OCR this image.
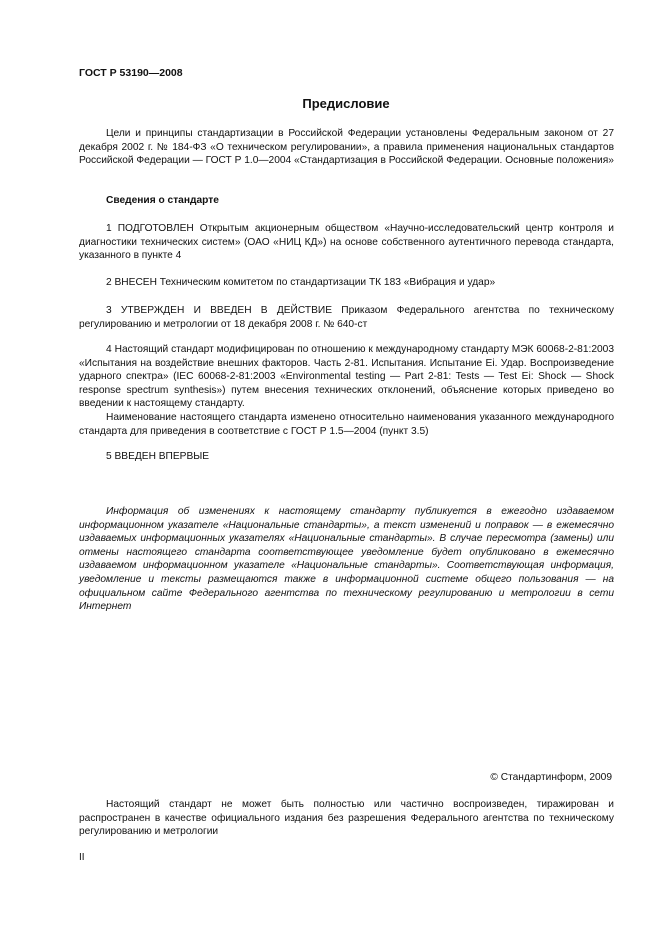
ГОСТ Р 53190—2008
Предисловие

Цели и принципы стандартизации в Российской Федерации установлены Федеральным законом от 27 декабря 2002 г. № 184-ФЗ «О техническом регулировании», а правила применения национальных стандартов Российской Федерации — ГОСТ Р 1.0—2004 «Стандартизация в Российской Федерации. Основные положения»

Сведения о стандарте

1 ПОДГОТОВЛЕН Открытым акционерным обществом «Научно-исследовательский центр контроля и диагностики технических систем» (ОАО «НИЦ КД») на основе собственного аутентичного перевода стандарта, указанного в пункте 4

2 ВНЕСЕН Техническим комитетом по стандартизации ТК 183 «Вибрация и удар»

3 УТВЕРЖДЕН И ВВЕДЕН В ДЕЙСТВИЕ Приказом Федерального агентства по техническому регулированию и метрологии от 18 декабря 2008 г. № 640-ст

4 Настоящий стандарт модифицирован по отношению к международному стандарту МЭК 60068-2-81:2003 «Испытания на воздействие внешних факторов. Часть 2-81. Испытания. Испытание Ei. Удар. Воспроизведение ударного спектра» (IEC 60068-2-81:2003 «Environmental testing — Part 2-81: Tests — Test Ei: Shock — Shock response spectrum synthesis») путем внесения технических отклонений, объяснение которых приведено во введении к настоящему стандарту.

Наименование настоящего стандарта изменено относительно наименования указанного международного стандарта для приведения в соответствие с ГОСТ Р 1.5—2004 (пункт 3.5)

5 ВВЕДЕН ВПЕРВЫЕ

Информация об изменениях к настоящему стандарту публикуется в ежегодно издаваемом информационном указателе «Национальные стандарты», а текст изменений и поправок — в ежемесячно издаваемых информационных указателях «Национальные стандарты». В случае пересмотра (замены) или отмены настоящего стандарта соответствующее уведомление будет опубликовано в ежемесячно издаваемом информационном указателе «Национальные стандарты». Соответствующая информация, уведомление и тексты размещаются также в информационной системе общего пользования — на официальном сайте Федерального агентства по техническому регулированию и метрологии в сети Интернет

© Стандартинформ, 2009

Настоящий стандарт не может быть полностью или частично воспроизведен, тиражирован и распространен в качестве официального издания без разрешения Федерального агентства по техническому регулированию и метрологии

II
